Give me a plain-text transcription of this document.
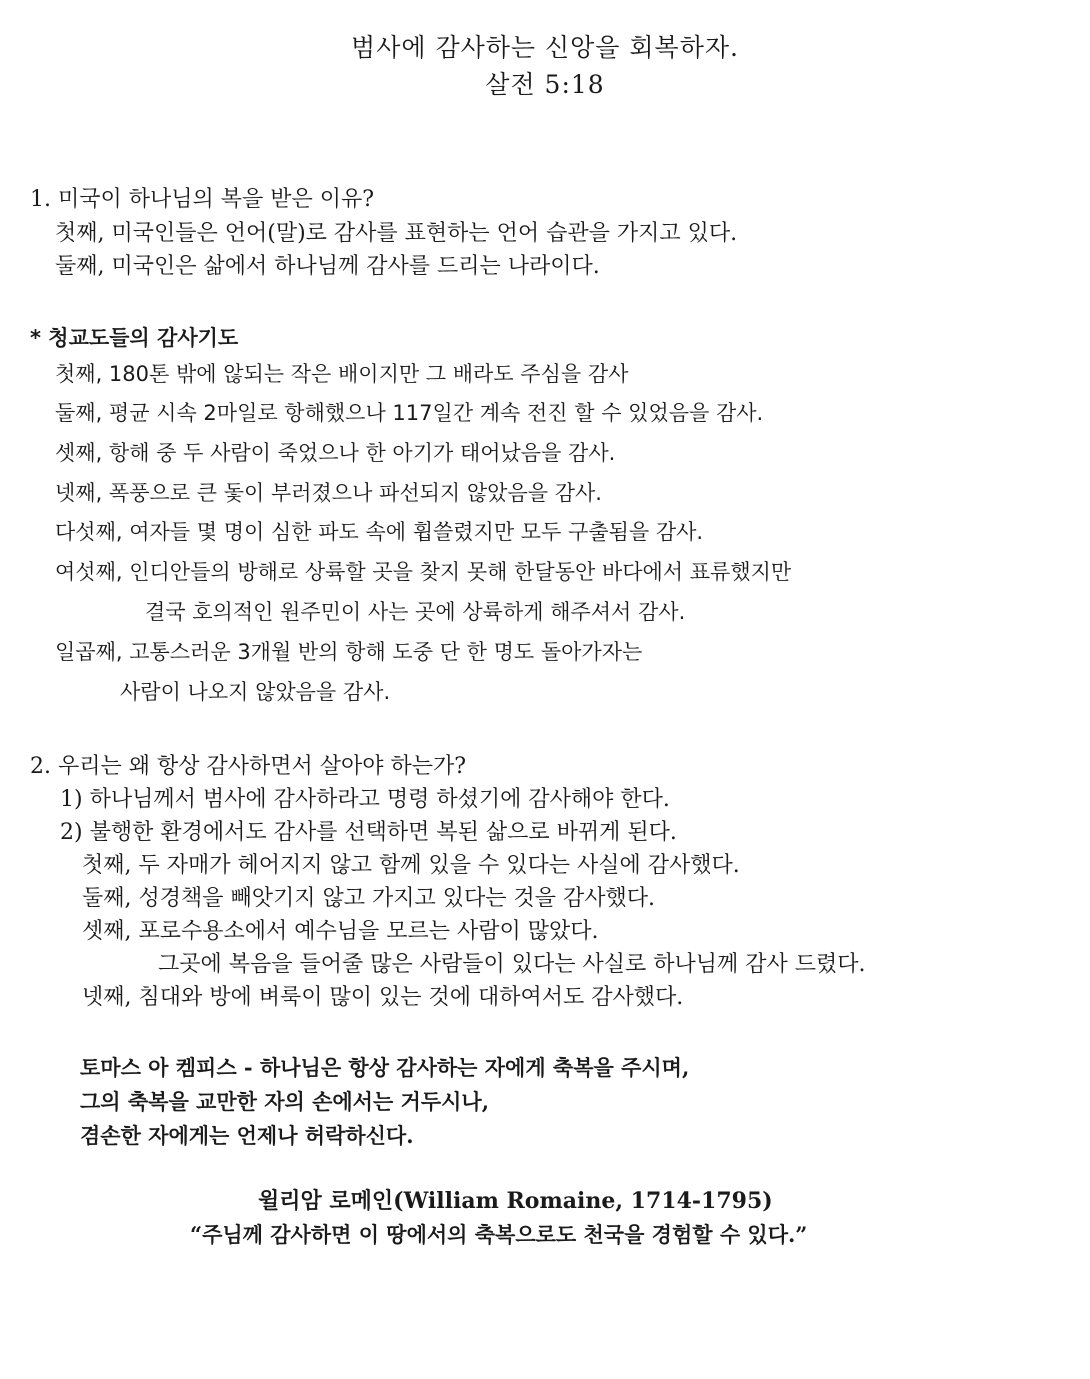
범사에 감사하는 신앙을 회복하자.
살전 5:18
1. 미국이 하나님의 복을 받은 이유?
첫째, 미국인들은 언어(말)로 감사를 표현하는 언어 습관을 가지고 있다.
둘째, 미국인은 삶에서 하나님께 감사를 드리는 나라이다.
* 청교도들의 감사기도
첫째, 180톤 밖에 않되는 작은 배이지만 그 배라도 주심을 감사
둘째, 평균 시속 2마일로 항해했으나 117일간 계속 전진 할 수 있었음을 감사.
셋째, 항해 중 두 사람이 죽었으나 한 아기가 태어났음을 감사.
넷째, 폭풍으로 큰 돛이 부러졌으나 파선되지 않았음을 감사.
다섯째, 여자들 몇 명이 심한 파도 속에 휩쓸렸지만 모두 구출됨을 감사.
여섯째, 인디안들의 방해로 상륙할 곳을 찾지 못해 한달동안 바다에서 표류했지만
결국 호의적인 원주민이 사는 곳에 상륙하게 해주셔서 감사.
일곱째, 고통스러운 3개월 반의 항해 도중 단 한 명도 돌아가자는
사람이 나오지 않았음을 감사.
2. 우리는 왜 항상 감사하면서 살아야 하는가?
1) 하나님께서 범사에 감사하라고 명령 하셨기에 감사해야 한다.
2) 불행한 환경에서도 감사를 선택하면 복된 삶으로 바뀌게 된다.
첫째, 두 자매가 헤어지지 않고 함께 있을 수 있다는 사실에 감사했다.
둘째, 성경책을 빼앗기지 않고 가지고 있다는 것을 감사했다.
셋째, 포로수용소에서 예수님을 모르는 사람이 많았다.
그곳에 복음을 들어줄 많은 사람들이 있다는 사실로 하나님께 감사 드렸다.
넷째, 침대와 방에 벼룩이 많이 있는 것에 대하여서도 감사했다.
토마스 아 켐피스 - 하나님은 항상 감사하는 자에게 축복을 주시며,
그의 축복을 교만한 자의 손에서는 거두시나,
겸손한 자에게는 언제나 허락하신다.
윌리암 로메인(William Romaine, 1714-1795)
“주님께 감사하면 이 땅에서의 축복으로도 천국을 경험할 수 있다.”
